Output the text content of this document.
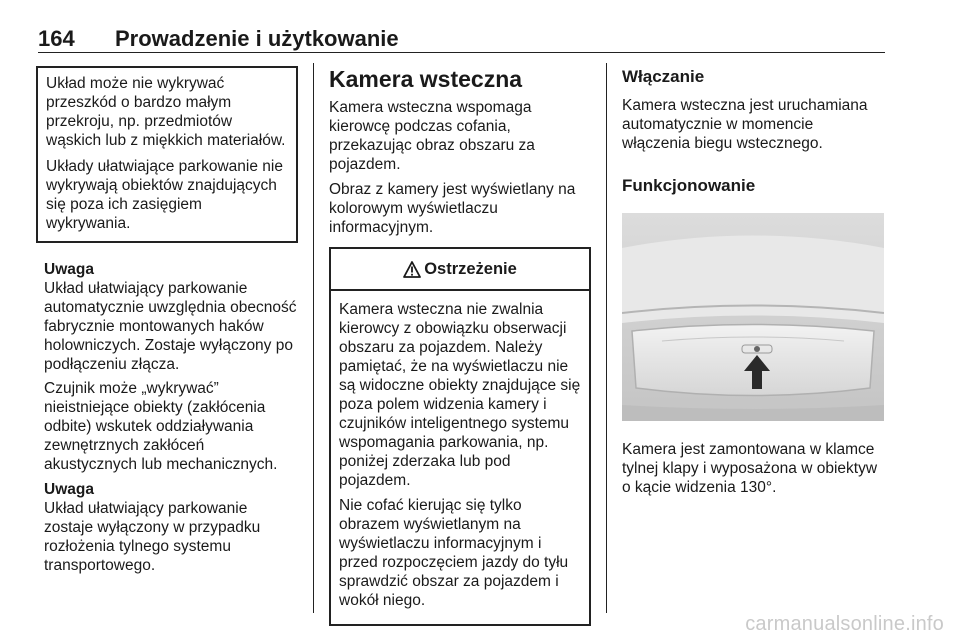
164 Prowadzenie i użytkowanie

Układ może nie wykrywać przeszkód o bardzo małym przekroju, np. przedmiotów wąskich lub z miękkich materiałów.

Układy ułatwiające parkowanie nie wykrywają obiektów znajdujących się poza ich zasięgiem wykrywania.

Uwaga

Układ ułatwiający parkowanie automatycznie uwzględnia obecność fabrycznie montowanych haków holowniczych. Zostaje wyłączony po podłączeniu złącza.

Czujnik może „wykrywać” nieistniejące obiekty (zakłócenia odbite) wskutek oddziaływania zewnętrznych zakłóceń akustycznych lub mechanicznych.

Uwaga

Układ ułatwiający parkowanie zostaje wyłączony w przypadku rozłożenia tylnego systemu transportowego.

Kamera wsteczna

Kamera wsteczna wspomaga kierowcę podczas cofania, przekazując obraz obszaru za pojazdem.

Obraz z kamery jest wyświetlany na kolorowym wyświetlaczu informacyjnym.

Ostrzeżenie

Kamera wsteczna nie zwalnia kierowcy z obowiązku obserwacji obszaru za pojazdem. Należy pamiętać, że na wyświetlaczu nie są widoczne obiekty znajdujące się poza polem widzenia kamery i czujników inteligentnego systemu wspomagania parkowania, np. poniżej zderzaka lub pod pojazdem.

Nie cofać kierując się tylko obrazem wyświetlanym na wyświetlaczu informacyjnym i przed rozpoczęciem jazdy do tyłu sprawdzić obszar za pojazdem i wokół niego.

Włączanie

Kamera wsteczna jest uruchamiana automatycznie w momencie włączenia biegu wstecznego.

Funkcjonowanie

Kamera jest zamontowana w klamce tylnej klapy i wyposażona w obiektyw o kącie widzenia 130°.

carmanualsonline.info
